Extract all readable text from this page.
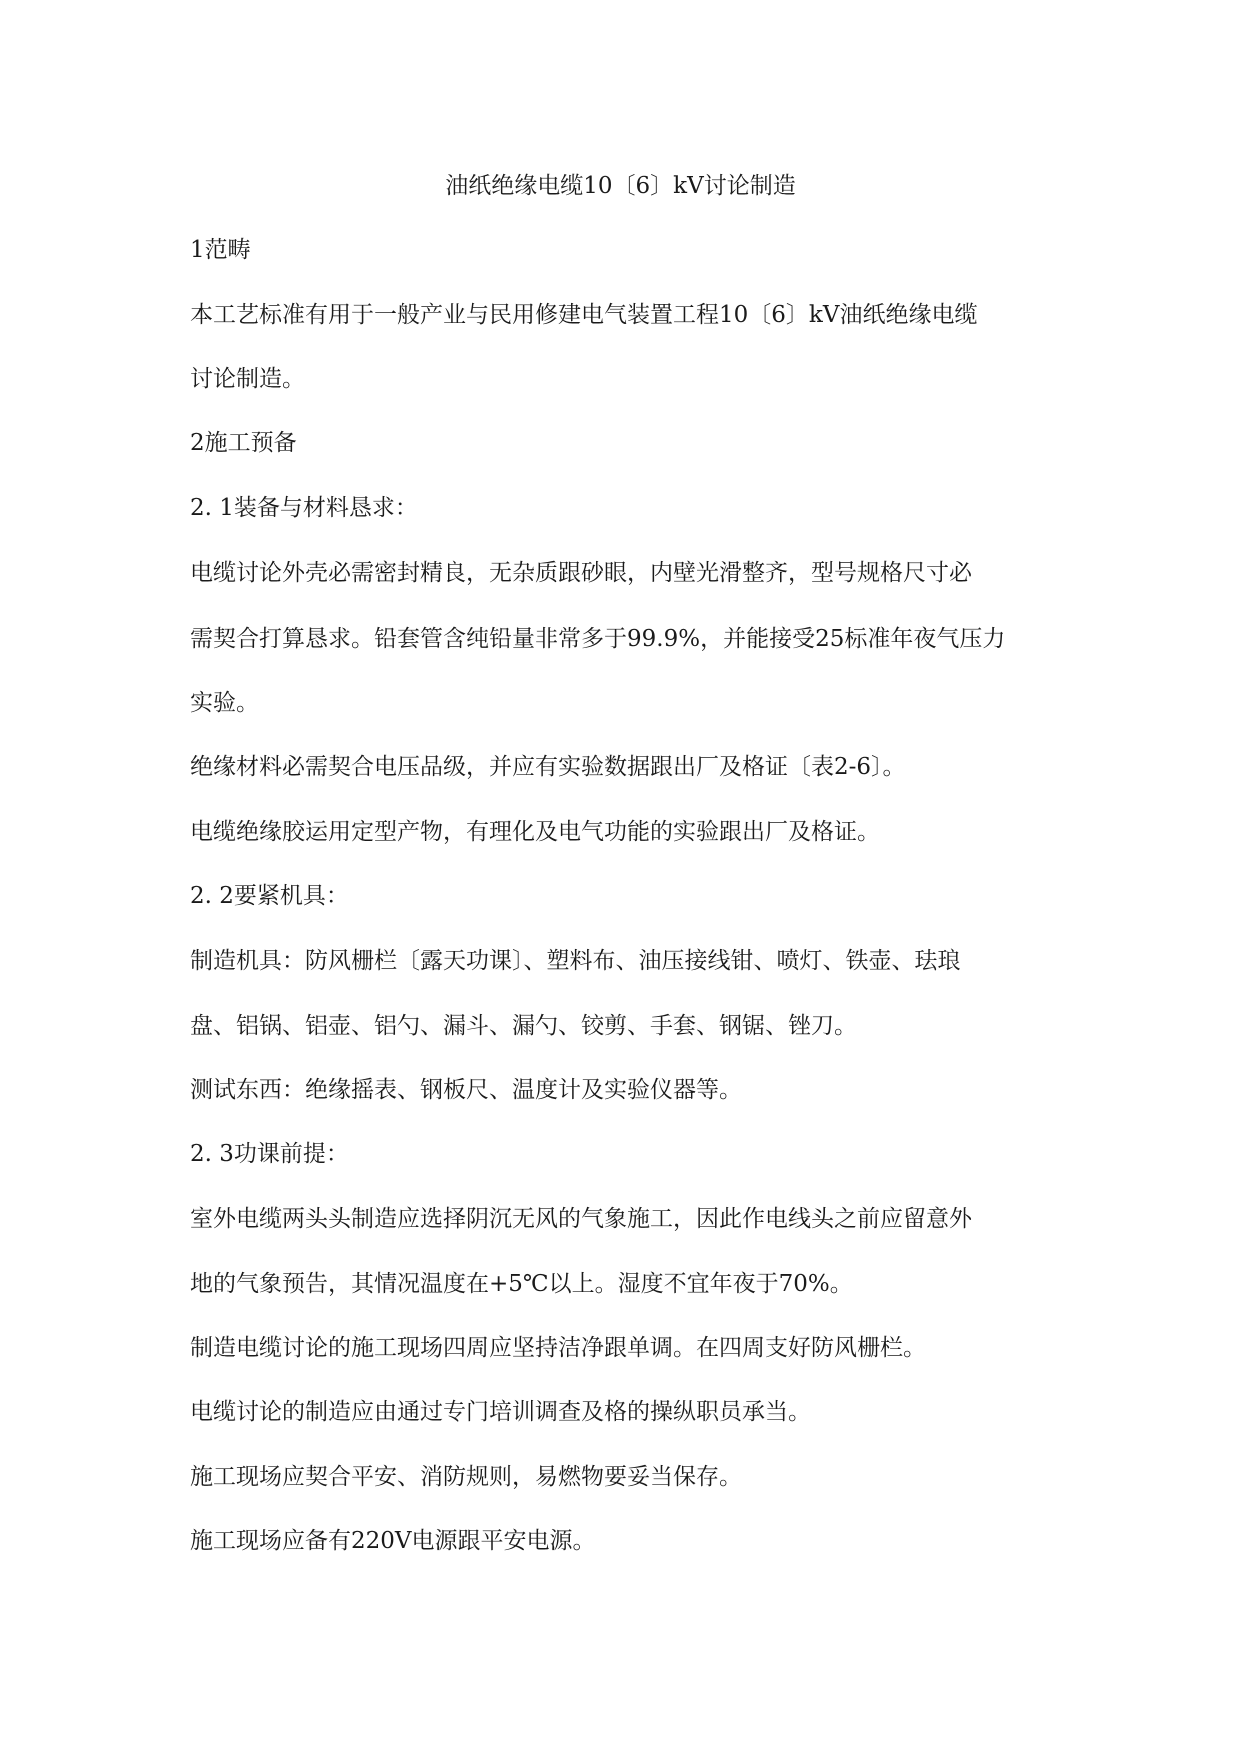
油纸绝缘电缆10〔6〕kV讨论制造
1范畴
本工艺标准有用于一般产业与民用修建电气装置工程10〔6〕kV油纸绝缘电缆
讨论制造。
2施工预备
2. 1装备与材料恳求：
电缆讨论外壳必需密封精良，无杂质跟砂眼，内壁光滑整齐，型号规格尺寸必
需契合打算恳求。铅套管含纯铅量非常多于99.9%，并能接受25标准年夜气压力
实验。
绝缘材料必需契合电压品级，并应有实验数据跟出厂及格证〔表2-6〕。
电缆绝缘胶运用定型产物，有理化及电气功能的实验跟出厂及格证。
2. 2要紧机具：
制造机具：防风栅栏〔露天功课〕、塑料布、油压接线钳、喷灯、铁壶、珐琅
盘、铝锅、铝壶、铝勺、漏斗、漏勺、铰剪、手套、钢锯、锉刀。
测试东西：绝缘摇表、钢板尺、温度计及实验仪器等。
2. 3功课前提：
室外电缆两头头制造应选择阴沉无风的气象施工，因此作电线头之前应留意外
地的气象预告，其情况温度在+5℃以上。湿度不宜年夜于70%。
制造电缆讨论的施工现场四周应坚持洁净跟单调。在四周支好防风栅栏。
电缆讨论的制造应由通过专门培训调查及格的操纵职员承当。
施工现场应契合平安、消防规则，易燃物要妥当保存。
施工现场应备有220V电源跟平安电源。
